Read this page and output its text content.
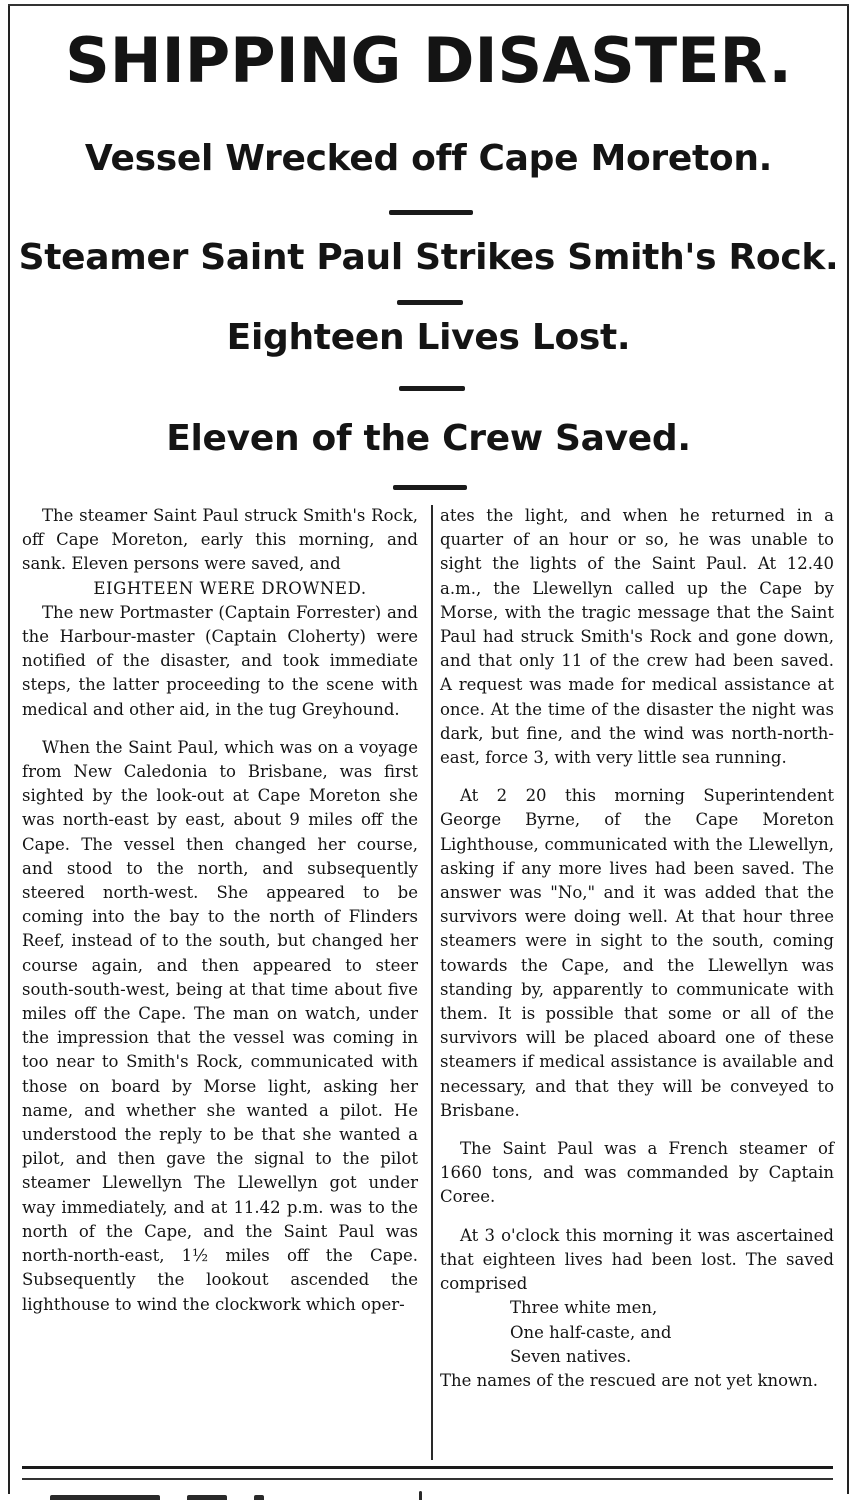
SHIPPING DISASTER.
Vessel Wrecked off Cape Moreton.
Steamer Saint Paul Strikes Smith's Rock.
Eighteen Lives Lost.
Eleven of the Crew Saved.

The steamer Saint Paul struck Smith's Rock, off Cape Moreton, early this morning, and sank. Eleven persons were saved, and

EIGHTEEN WERE DROWNED.

The new Portmaster (Captain Forrester) and the Harbour-master (Captain Cloherty) were notified of the disaster, and took immediate steps, the latter proceeding to the scene with medical and other aid, in the tug Greyhound.

When the Saint Paul, which was on a voyage from New Caledonia to Brisbane, was first sighted by the look-out at Cape Moreton she was north-east by east, about 9 miles off the Cape. The vessel then changed her course, and stood to the north, and subsequently steered north-west. She appeared to be coming into the bay to the north of Flinders Reef, instead of to the south, but changed her course again, and then appeared to steer south-south-west, being at that time about five miles off the Cape. The man on watch, under the impression that the vessel was coming in too near to Smith's Rock, communicated with those on board by Morse light, asking her name, and whether she wanted a pilot. He understood the reply to be that she wanted a pilot, and then gave the signal to the pilot steamer Llewellyn The Llewellyn got under way immediately, and at 11.42 p.m. was to the north of the Cape, and the Saint Paul was north-north-east, 1½ miles off the Cape. Subsequently the lookout ascended the lighthouse to wind the clockwork which oper-

ates the light, and when he returned in a quarter of an hour or so, he was unable to sight the lights of the Saint Paul. At 12.40 a.m., the Llewellyn called up the Cape by Morse, with the tragic message that the Saint Paul had struck Smith's Rock and gone down, and that only 11 of the crew had been saved. A request was made for medical assistance at once. At the time of the disaster the night was dark, but fine, and the wind was north-north-east, force 3, with very little sea running.

At 2 20 this morning Superintendent George Byrne, of the Cape Moreton Lighthouse, communicated with the Llewellyn, asking if any more lives had been saved. The answer was "No," and it was added that the survivors were doing well. At that hour three steamers were in sight to the south, coming towards the Cape, and the Llewellyn was standing by, apparently to communicate with them. It is possible that some or all of the survivors will be placed aboard one of these steamers if medical assistance is available and necessary, and that they will be conveyed to Brisbane.

The Saint Paul was a French steamer of 1660 tons, and was commanded by Captain Coree.

At 3 o'clock this morning it was ascertained that eighteen lives had been lost. The saved comprised

Three white men,
One half-caste, and
Seven natives.

The names of the rescued are not yet known.
